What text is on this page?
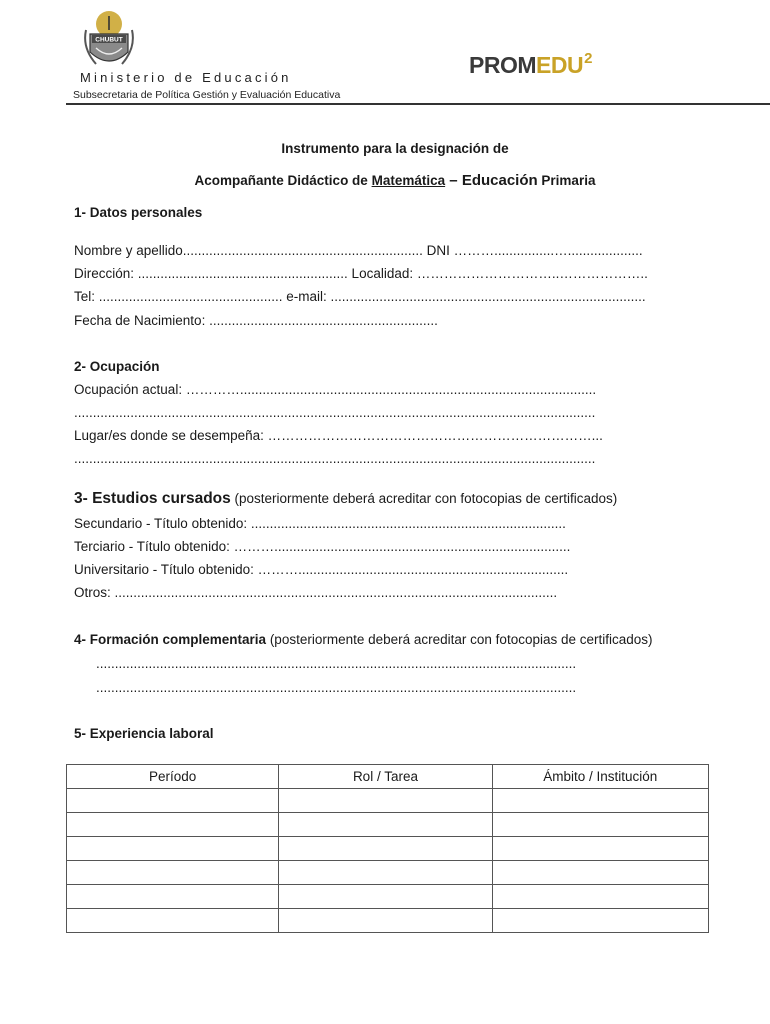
CHUBUT
Ministerio de Educación
Subsecretaria de Política Gestión y Evaluación Educativa
PROMEDU2
Instrumento para la designación de
Acompañante Didáctico de Matemática – Educación Primaria
1- Datos personales
Nombre y apellido................................................................ DNI ………................…....................
Dirección: ........................................................ Localidad: …………………………..………………..
Tel: ................................................. e-mail: ....................................................................................
Fecha de Nacimiento: .............................................................
2- Ocupación
Ocupación actual: …………...............................................................................................
...........................................................................................................................................
Lugar/es donde se desempeña: ………………………………………………………………...
...........................................................................................................................................
3- Estudios cursados (posteriormente deberá acreditar con fotocopias de certificados)
Secundario - Título obtenido: ....................................................................................
Terciario - Título obtenido: ………...............................................................................
Universitario - Título obtenido: ………........................................................................
Otros: ......................................................................................................................
4- Formación complementaria (posteriormente deberá acreditar con fotocopias de certificados)
................................................................................................................................
................................................................................................................................
5- Experiencia laboral
Período	Rol / Tarea	Ámbito / Institución
